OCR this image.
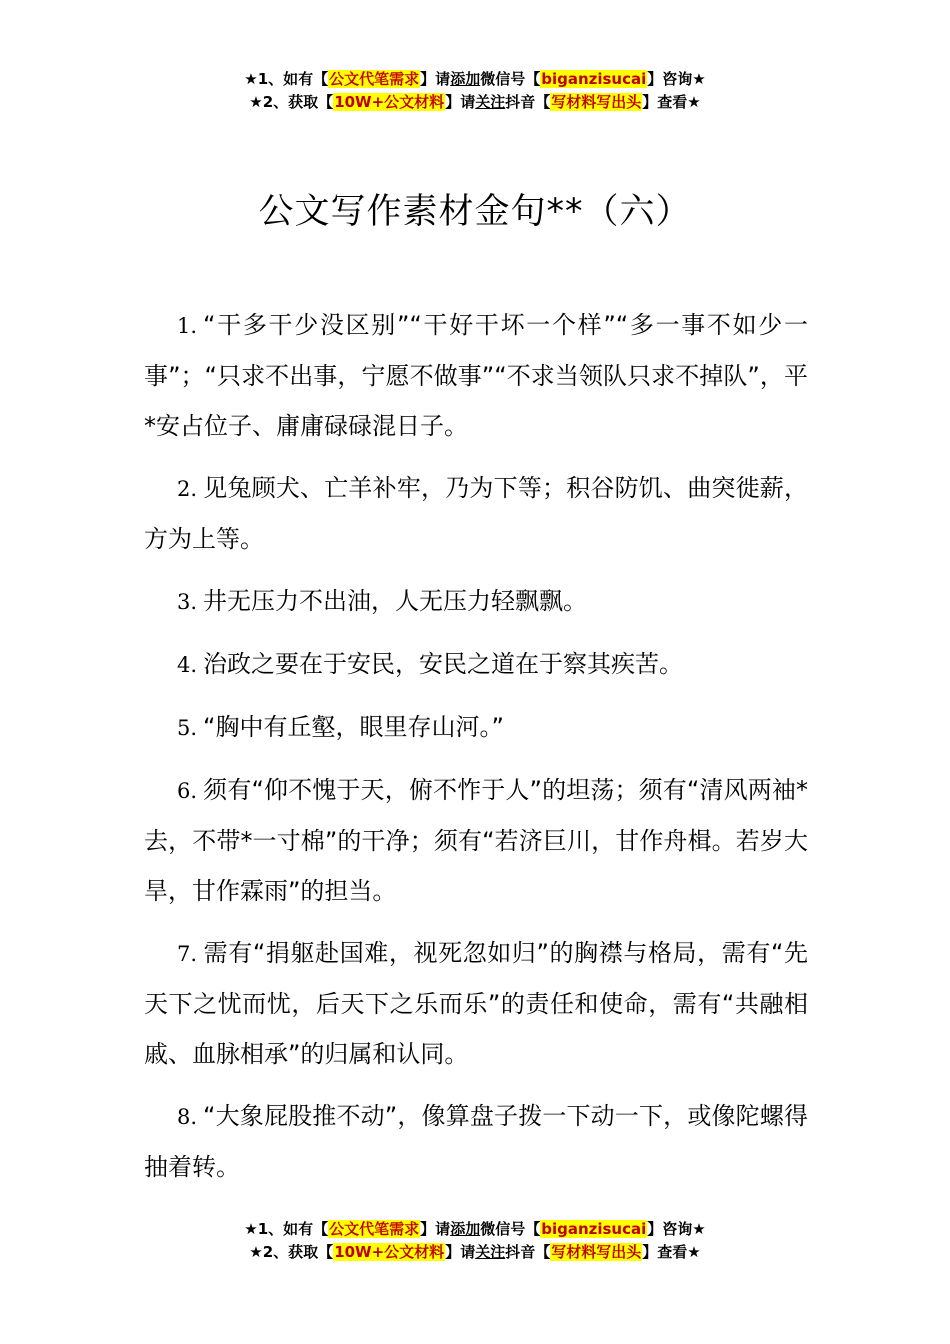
★1、如有【公文代笔需求】请添加微信号【biganzisucai】咨询★
★2、获取【10W+公文材料】请关注抖音【写材料写出头】查看★
公文写作素材金句**（六）

1. “干多干少没区别”“干好干坏一个样”“多一事不如少一事”；“只求不出事，宁愿不做事”“不求当领队只求不掉队”，平*安占位子、庸庸碌碌混日子。

2. 见兔顾犬、亡羊补牢，乃为下等；积谷防饥、曲突徙薪，方为上等。

3. 井无压力不出油，人无压力轻飘飘。

4. 治政之要在于安民，安民之道在于察其疾苦。

5. “胸中有丘壑，眼里存山河。”

6. 须有“仰不愧于天，俯不怍于人”的坦荡；须有“清风两袖*去，不带*一寸棉”的干净；须有“若济巨川，甘作舟楫。若岁大旱，甘作霖雨”的担当。

7. 需有“捐躯赴国难，视死忽如归”的胸襟与格局，需有“先天下之忧而忧，后天下之乐而乐”的责任和使命，需有“共融相戚、血脉相承”的归属和认同。

8. “大象屁股推不动”，像算盘子拨一下动一下，或像陀螺得抽着转。

★1、如有【公文代笔需求】请添加微信号【biganzisucai】咨询★
★2、获取【10W+公文材料】请关注抖音【写材料写出头】查看★
